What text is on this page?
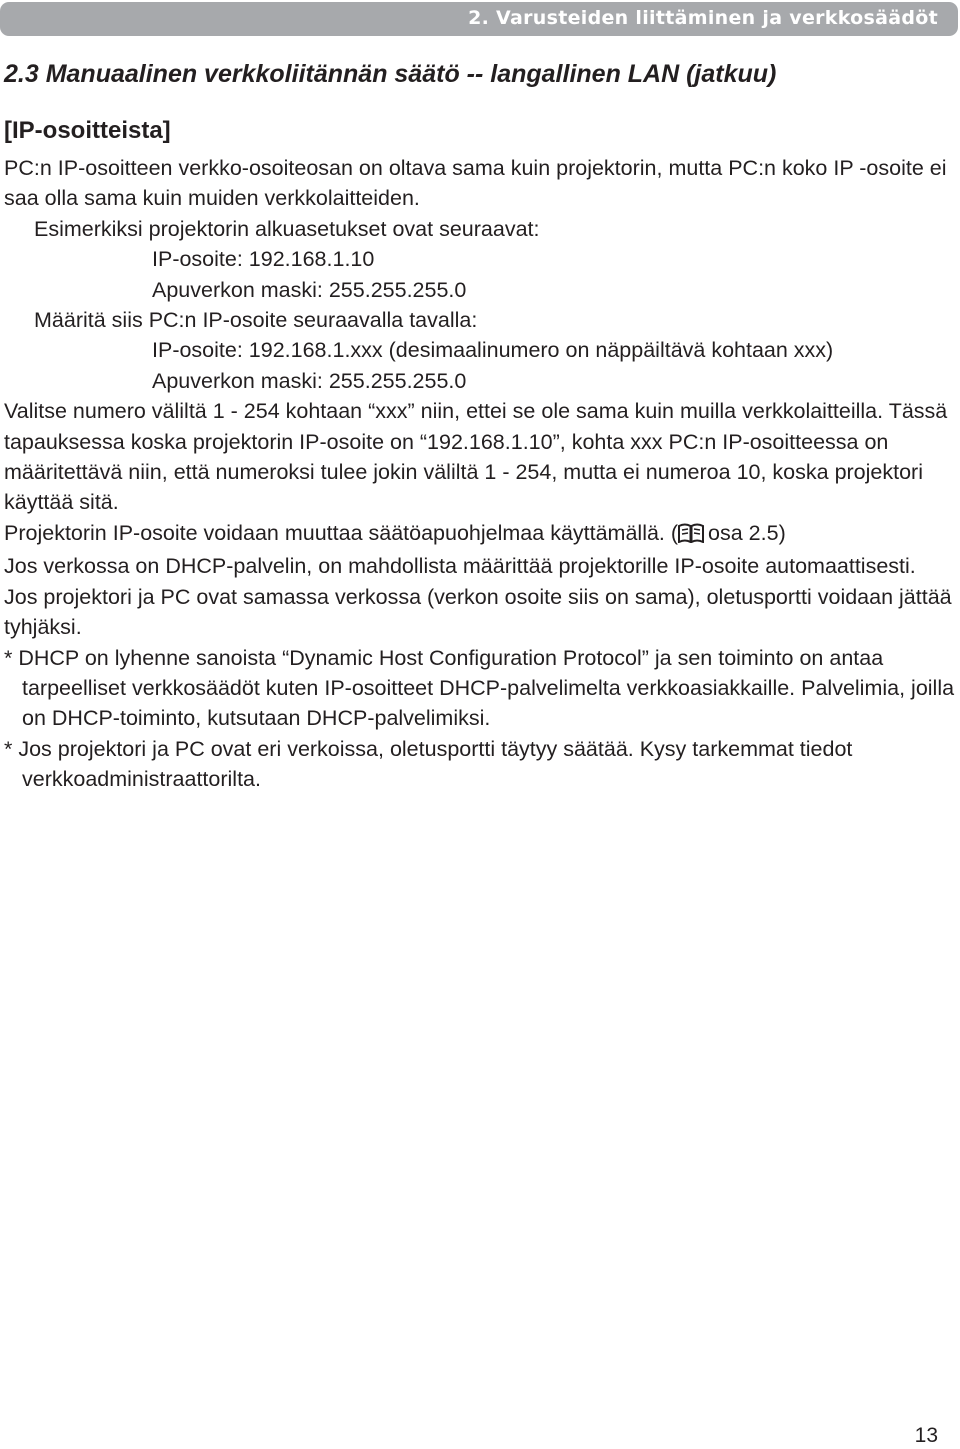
2. Varusteiden liittäminen ja verkkosäädöt
2.3 Manuaalinen verkkoliitännän säätö -- langallinen LAN (jatkuu)
[IP-osoitteista]

PC:n IP-osoitteen verkko-osoiteosan on oltava sama kuin projektorin, mutta PC:n koko IP -osoite ei saa olla sama kuin muiden verkkolaitteiden.

Esimerkiksi projektorin alkuasetukset ovat seuraavat:

IP-osoite: 192.168.1.10

Apuverkon maski: 255.255.255.0

Määritä siis PC:n IP-osoite seuraavalla tavalla:

IP-osoite: 192.168.1.xxx (desimaalinumero on näppäiltävä kohtaan xxx)

Apuverkon maski: 255.255.255.0

Valitse numero väliltä 1 - 254 kohtaan “xxx” niin, ettei se ole sama kuin muilla verkkolaitteilla. Tässä tapauksessa koska projektorin IP-osoite on “192.168.1.10”, kohta xxx PC:n IP-osoitteessa on määritettävä niin, että numeroksi tulee jokin väliltä 1 - 254, mutta ei numeroa 10, koska projektori käyttää sitä.

Projektorin IP-osoite voidaan muuttaa säätöapuohjelmaa käyttämällä. ( osa 2.5)

Jos verkossa on DHCP-palvelin, on mahdollista määrittää projektorille IP-osoite automaattisesti.

Jos projektori ja PC ovat samassa verkossa (verkon osoite siis on sama), oletusportti voidaan jättää tyhjäksi.

* DHCP on lyhenne sanoista “Dynamic Host Configuration Protocol” ja sen toiminto on antaa tarpeelliset verkkosäädöt kuten IP-osoitteet DHCP-palvelimelta verkkoasiakkaille. Palvelimia, joilla on DHCP-toiminto, kutsutaan DHCP-palvelimiksi.

* Jos projektori ja PC ovat eri verkoissa, oletusportti täytyy säätää. Kysy tarkemmat tiedot verkkoadministraattorilta.

13
